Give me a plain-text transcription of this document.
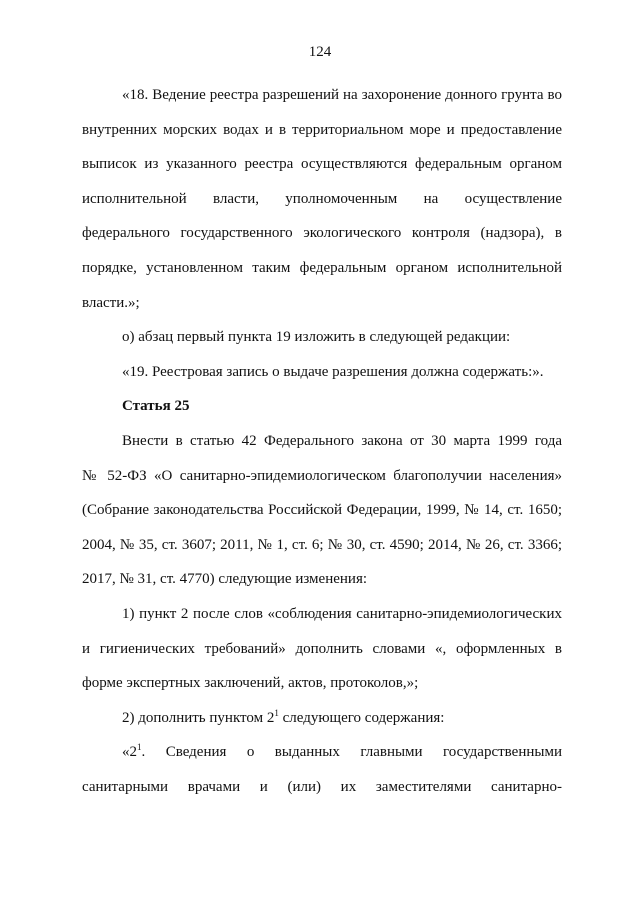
124
«18. Ведение реестра разрешений на захоронение донного грунта во
внутренних морских водах и в территориальном море и предоставление
выписок из указанного реестра осуществляются федеральным органом
исполнительной власти, уполномоченным на осуществление
федерального государственного экологического контроля (надзора), в
порядке, установленном таким федеральным органом исполнительной
власти.»;
о) абзац первый пункта 19 изложить в следующей редакции:
«19. Реестровая запись о выдаче разрешения должна содержать:».
Статья 25
Внести в статью 42 Федерального закона от 30 марта 1999 года
№ 52-ФЗ «О санитарно-эпидемиологическом благополучии населения»
(Собрание законодательства Российской Федерации, 1999, № 14, ст. 1650;
2004, № 35, ст. 3607; 2011, № 1, ст. 6; № 30, ст. 4590; 2014, № 26, ст. 3366;
2017, № 31, ст. 4770) следующие изменения:
1) пункт 2 после слов «соблюдения санитарно-эпидемиологических
и гигиенических требований» дополнить словами «, оформленных в
форме экспертных заключений, актов, протоколов,»;
2) дополнить пунктом $2^1$ следующего содержания:
«$2^1$. Сведения о выданных главными государственными
санитарными врачами и (или) их заместителями санитарно-
